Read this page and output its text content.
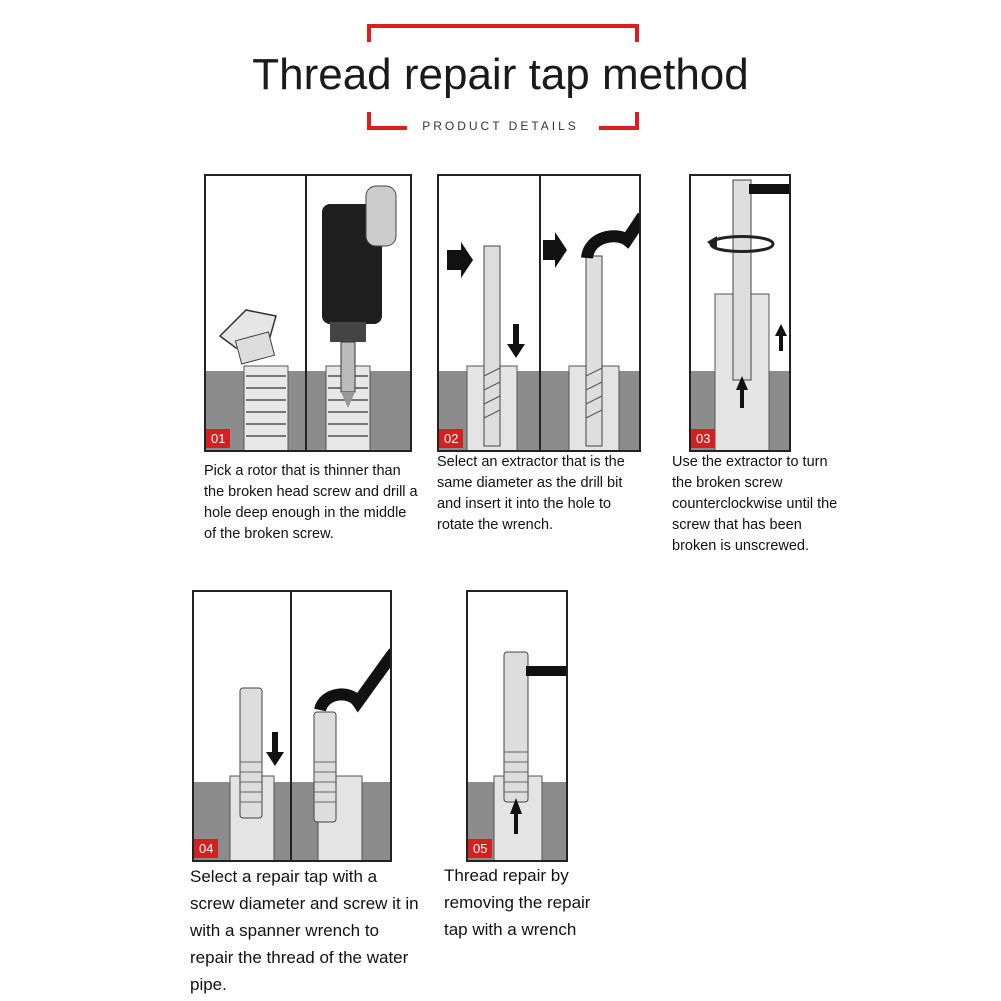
Thread repair tap method
PRODUCT DETAILS
01
Pick a rotor that is thinner than the broken head screw and drill a hole deep enough in the middle of the broken screw.
02
Select an extractor that is the same diameter as the drill bit and insert it into the hole to rotate the wrench.
03
Use the extractor to turn the broken screw counterclockwise until the screw that has been broken is unscrewed.
04
Select a repair tap with a screw diameter and screw it in with a spanner wrench to repair the thread of the water pipe.
05
Thread repair by removing the repair tap with a wrench
